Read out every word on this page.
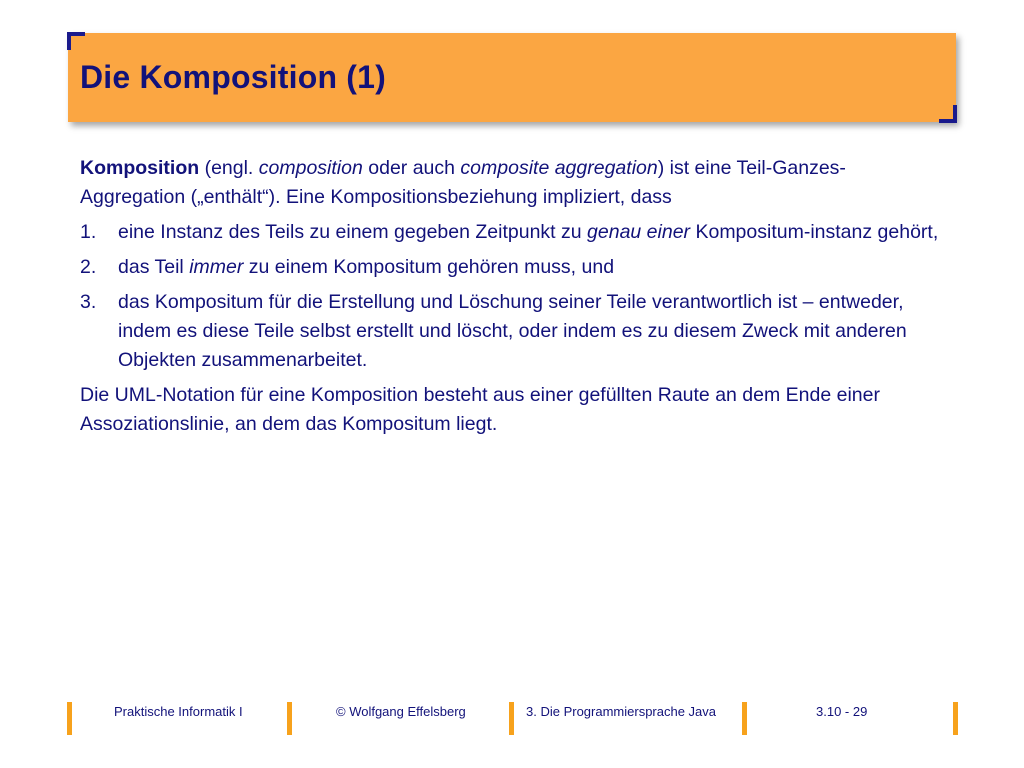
Die Komposition (1)

Komposition (engl. composition oder auch composite aggregation) ist eine Teil-Ganzes-Aggregation („enthält“). Eine Kompositionsbeziehung impliziert, dass

1. eine Instanz des Teils zu einem gegeben Zeitpunkt zu genau einer Kompositum-instanz gehört,
2. das Teil immer zu einem Kompositum gehören muss, und
3. das Kompositum für die Erstellung und Löschung seiner Teile verantwortlich ist – entweder, indem es diese Teile selbst erstellt und löscht, oder indem es zu diesem Zweck mit anderen Objekten zusammenarbeitet.

Die UML-Notation für eine Komposition besteht aus einer gefüllten Raute an dem Ende einer Assoziationslinie, an dem das Kompositum liegt.

Praktische Informatik I	© Wolfgang Effelsberg	3. Die Programmiersprache Java	3.10 - 29
